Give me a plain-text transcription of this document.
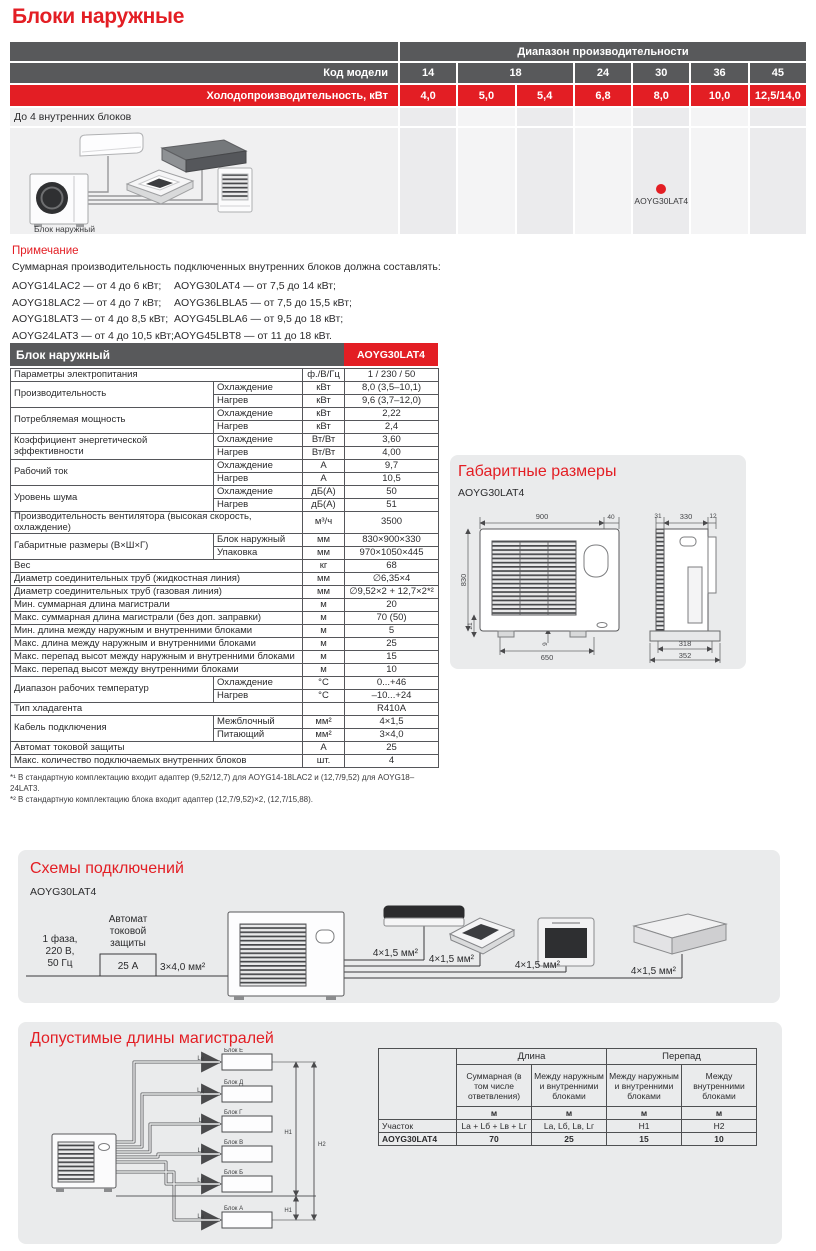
Блоки наружные
Диапазон производительности
Код модели	14	18	24	30	36	45
Холодопроизводительность, кВт	4,0	5,0	5,4	6,8	8,0	10,0	12,5/14,0
До 4 внутренних блоков
Блок наружный
AOYG30LAT4
Примечание
Суммарная производительность подключенных внутренних блоков должна составлять:
AOYG14LAC2 — от 4 до 6 кВт;
AOYG18LAC2 — от 4 до 7 кВт;
AOYG18LAT3 — от 4 до 8,5 кВт;
AOYG24LAT3 — от 4 до 10,5 кВт;
AOYG30LAT4 — от 7,5 до 14 кВт;
AOYG36LBLA5 — от 7,5 до 15,5 кВт;
AOYG45LBLA6 — от 9,5 до 18 кВт;
AOYG45LBT8 — от 11 до 18 кВт.
Блок наружный	AOYG30LAT4
Параметры электропитания		ф./В/Гц	1 / 230 / 50
Производительность	Охлаждение	кВт	8,0 (3,5–10,1)
	Нагрев	кВт	9,6 (3,7–12,0)
Потребляемая мощность	Охлаждение	кВт	2,22
	Нагрев	кВт	2,4
Коэффициент энергетической эффективности	Охлаждение	Вт/Вт	3,60
	Нагрев	Вт/Вт	4,00
Рабочий ток	Охлаждение	А	9,7
	Нагрев	А	10,5
Уровень шума	Охлаждение	дБ(А)	50
	Нагрев	дБ(А)	51
Производительность вентилятора (высокая скорость, охлаждение)		м³/ч	3500
Габаритные размеры (В×Ш×Г)	Блок наружный	мм	830×900×330
	Упаковка	мм	970×1050×445
Вес		кг	68
Диаметр соединительных труб (жидкостная линия)		мм	∅6,35×4
Диаметр соединительных труб (газовая линия)		мм	∅9,52×2 + 12,7×2*²
Мин. суммарная длина магистрали		м	20
Макс. суммарная длина магистрали (без доп. заправки)		м	70 (50)
Мин. длина между наружным и внутренними блоками		м	5
Макс. длина между наружным и внутренними блоками		м	25
Макс. перепад высот между наружным и внутренними блоками		м	15
Макс. перепад высот между внутренними блоками		м	10
Диапазон рабочих температур	Охлаждение	°C	0...+46
	Нагрев	°C	–10...+24
Тип хладагента			R410A
Кабель подключения	Межблочный	мм²	4×1,5
	Питающий	мм²	3×4,0
Автомат токовой защиты		А	25
Макс. количество подключаемых внутренних блоков		шт.	4
*¹ В стандартную комплектацию входит адаптер (9,52/12,7) для AOYG14-18LAC2 и (12,7/9,52) для AOYG18–24LAT3.
*² В стандартную комплектацию блока входит адаптер (12,7/9,52)×2, (12,7/15,88).
Габаритные размеры
AOYG30LAT4
900	40
830
21
9
650
31 330	12
318
352
Схемы подключений
AOYG30LAT4
1 фаза,
220 В,
50 Гц
Автомат
токовой
защиты
25 А 3×4,0 мм²
4×1,5 мм²
4×1,5 мм²
4×1,5 мм²
4×1,5 мм²
Допустимые длины магистралей
Блок Е
Блок Д
Блок Г
Блок В
Блок Б
Блок А
Lе
Lд
Lг
Lв
Lб
Lа
H1
H2
H1
	Длина		Перепад	
	Суммарная (в том числе ответвления)	Между наружным и внутренними блоками	Между наружным и внутренними блоками	Между внутренними блоками
	м	м	м	м
Участок	Lа + Lб + Lв + Lг	Lа, Lб, Lв, Lг	H1	H2
AOYG30LAT4	70	25	15	10
